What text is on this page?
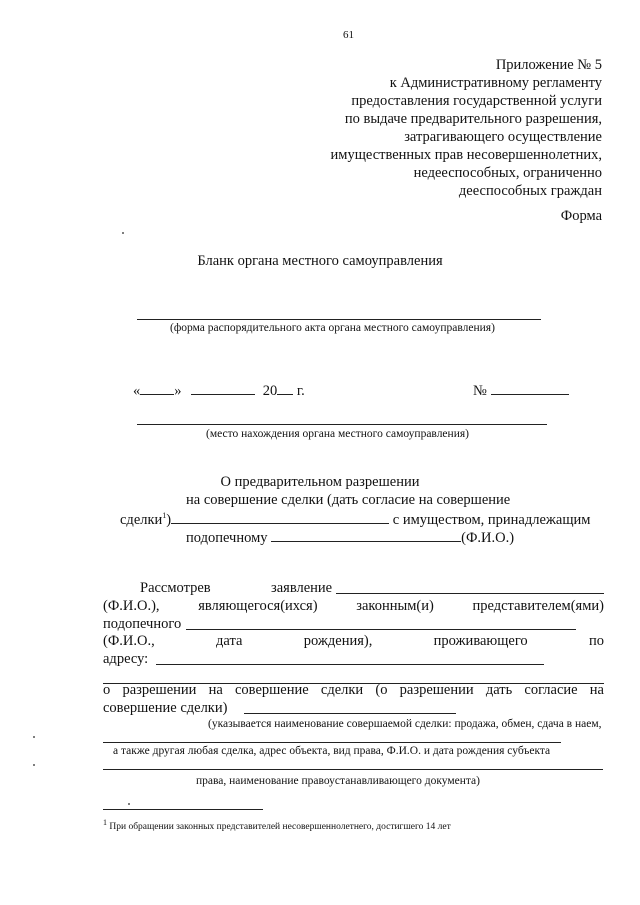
61
Приложение № 5
к Административному регламенту
предоставления государственной услуги
по выдаче предварительного разрешения,
затрагивающего осуществление
имущественных прав несовершеннолетних,
недееспособных, ограниченно
дееспособных граждан
Форма
Бланк органа местного самоуправления
(форма распорядительного акта органа местного самоуправления)
« »	20 г.	№
(место нахождения органа местного самоуправления)
О предварительном разрешении
на совершение сделки (дать согласие на совершение
сделки$^1$)	с имуществом, принадлежащим
подопечному	(Ф.И.О.)
Рассмотрев	заявление
(Ф.И.О.),	являющегося(ихся)	законным(и)	представителем(ями)
подопечного
(Ф.И.О.,	дата	рождения),	проживающего	по
адресу:
о разрешении на совершение сделки (о разрешении дать согласие на
совершение сделки)
(указывается наименование совершаемой сделки: продажа, обмен, сдача в наем,
а также другая любая сделка, адрес объекта, вид права, Ф.И.О. и дата рождения субъекта
права, наименование правоустанавливающего документа)
$^1$ При обращении законных представителей несовершеннолетнего, достигшего 14 лет
